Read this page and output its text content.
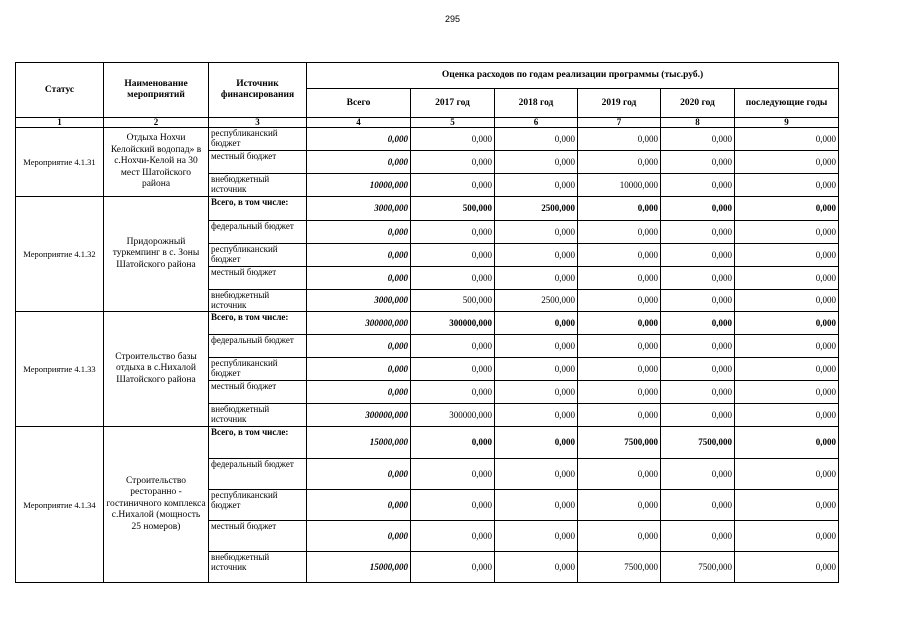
295
Статус	Наименование мероприятий	Источник финансирования	Оценка расходов по годам реализации программы (тыс.руб.)					
			Всего	2017 год	2018 год	2019 год	2020 год	последующие годы
1	2	3	4	5	6	7	8	9
Мероприятие 4.1.31	Отдыха Нохчи Келойский водопад» в с.Нохчи-Келой на 30 мест Шатойского района	республиканский бюджет	0,000	0,000	0,000	0,000	0,000	0,000

		местный бюджет	0,000	0,000	0,000	0,000	0,000	0,000

		внебюджетный источник	10000,000	0,000	0,000	10000,000	0,000	0,000
Мероприятие 4.1.32	Придорожный туркемпинг в с. Зоны Шатойского района	Всего, в том числе:	3000,000	500,000	2500,000	0,000	0,000	0,000

		федеральный бюджет	0,000	0,000	0,000	0,000	0,000	0,000

		республиканский бюджет	0,000	0,000	0,000	0,000	0,000	0,000

		местный бюджет	0,000	0,000	0,000	0,000	0,000	0,000

		внебюджетный источник	3000,000	500,000	2500,000	0,000	0,000	0,000
Мероприятие 4.1.33	Строительство базы отдыха в с.Нихалой Шатойского района	Всего, в том числе:	300000,000	300000,000	0,000	0,000	0,000	0,000

		федеральный бюджет	0,000	0,000	0,000	0,000	0,000	0,000

		республиканский бюджет	0,000	0,000	0,000	0,000	0,000	0,000

		местный бюджет	0,000	0,000	0,000	0,000	0,000	0,000

		внебюджетный источник	300000,000	300000,000	0,000	0,000	0,000	0,000
Мероприятие 4.1.34	Строительство ресторанно - гостиничного комплекса с.Нихалой (мощность 25 номеров)	Всего, в том числе:	15000,000	0,000	0,000	7500,000	7500,000	0,000

		федеральный бюджет	0,000	0,000	0,000	0,000	0,000	0,000

		республиканский бюджет	0,000	0,000	0,000	0,000	0,000	0,000

		местный бюджет	0,000	0,000	0,000	0,000	0,000	0,000

		внебюджетный источник	15000,000	0,000	0,000	7500,000	7500,000	0,000
